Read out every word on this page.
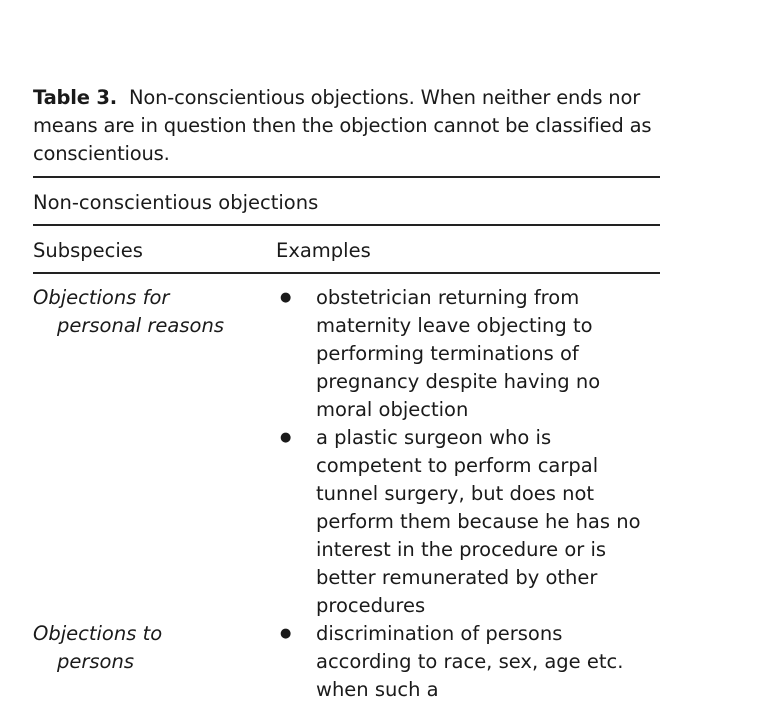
Table 3. Non-conscientious objections. When neither ends nor means are in question then the objection cannot be classified as conscientious.
Non-conscientious objections
Subspecies	Examples
Objections for
personal reasons
●	obstetrician returning from maternity leave objecting to performing terminations of pregnancy despite having no moral objection
●	a plastic surgeon who is competent to perform carpal tunnel surgery, but does not perform them because he has no interest in the procedure or is better remunerated by other procedures
Objections to
persons
●	discrimination of persons according to race, sex, age etc. when such a
